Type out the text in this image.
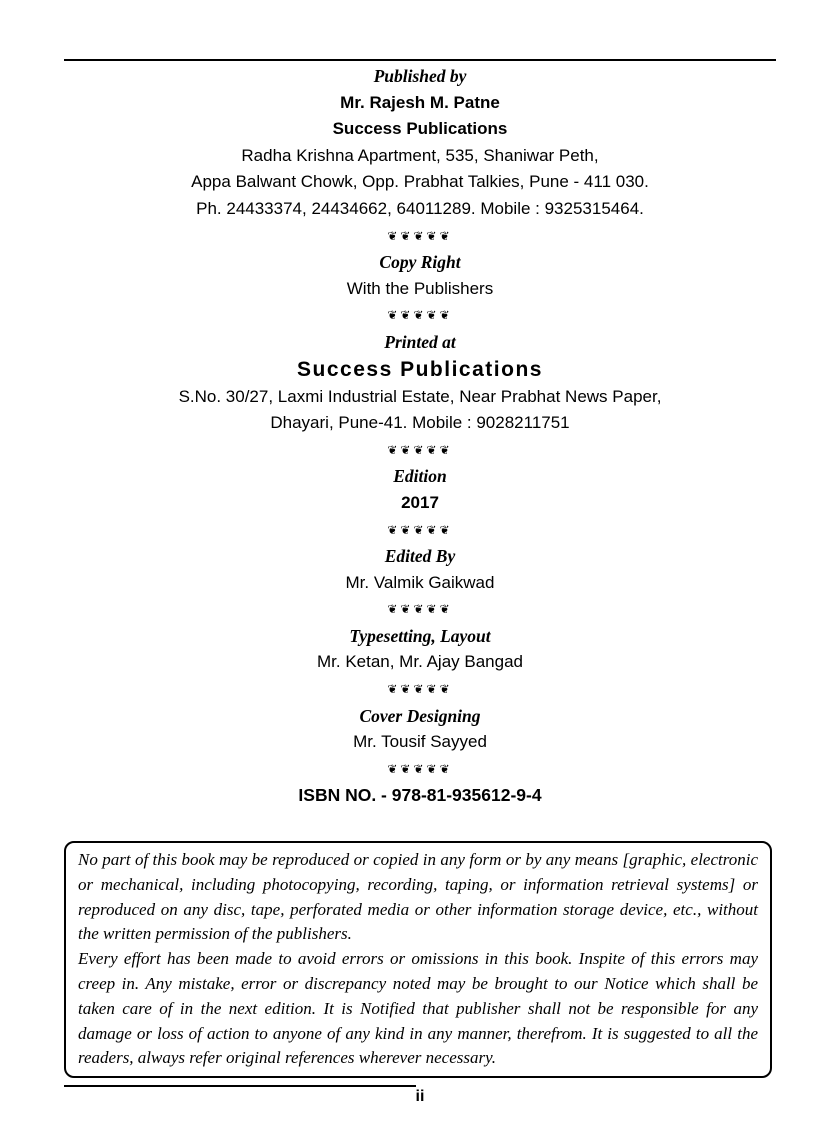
Published by
Mr. Rajesh M. Patne
Success Publications
Radha Krishna Apartment, 535, Shaniwar Peth,
Appa Balwant Chowk, Opp. Prabhat Talkies, Pune - 411 030.
Ph. 24433374, 24434662, 64011289. Mobile : 9325315464.
❦❦❦❦❦
Copy Right
With the Publishers
❦❦❦❦❦
Printed at
Success Publications
S.No. 30/27, Laxmi Industrial Estate, Near Prabhat News Paper,
Dhayari, Pune-41. Mobile : 9028211751
❦❦❦❦❦
Edition
2017
❦❦❦❦❦
Edited By
Mr. Valmik Gaikwad
❦❦❦❦❦
Typesetting, Layout
Mr. Ketan, Mr. Ajay Bangad
❦❦❦❦❦
Cover Designing
Mr. Tousif Sayyed
❦❦❦❦❦
ISBN NO. - 978-81-935612-9-4

No part of this book may be reproduced or copied in any form or by any means [graphic, electronic or mechanical, including photocopying, recording, taping, or information retrieval systems] or reproduced on any disc, tape, perforated media or other information storage device, etc., without the written permission of the publishers.

Every effort has been made to avoid errors or omissions in this book. Inspite of this errors may creep in. Any mistake, error or discrepancy noted may be brought to our Notice which shall be taken care of in the next edition. It is Notified that publisher shall not be responsible for any damage or loss of action to anyone of any kind in any manner, therefrom. It is suggested to all the readers, always refer original references wherever necessary.

ii
